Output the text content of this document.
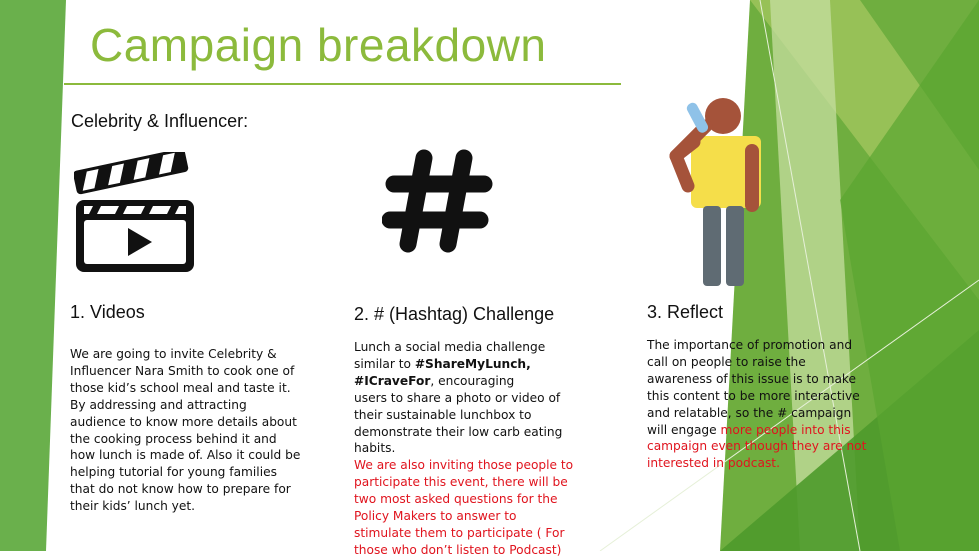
Campaign breakdown
Celebrity & Influencer:
1. Videos

We are going to invite Celebrity & Influencer Nara Smith to cook one of those kid’s school meal and taste it. By addressing and attracting audience to know more details about the cooking process behind it and how lunch is made of. Also it could be helping tutorial for young families that do not know how to prepare for their kids’ lunch yet.

2. # (Hashtag) Challenge

Lunch a social media challenge similar to #ShareMyLunch, #ICraveFor, encouraging

users to share a photo or video of their sustainable lunchbox to demonstrate their low carb eating habits.

We are also inviting those people to participate this event, there will be two most asked questions for the Policy Makers to answer to stimulate them to participate ( For those who don’t listen to Podcast)

3. Reflect

The importance of promotion and call on people to raise the awareness of this issue is to make this content to be more interactive and relatable, so the # campaign will engage more people into this campaign even though they are not interested in podcast.
